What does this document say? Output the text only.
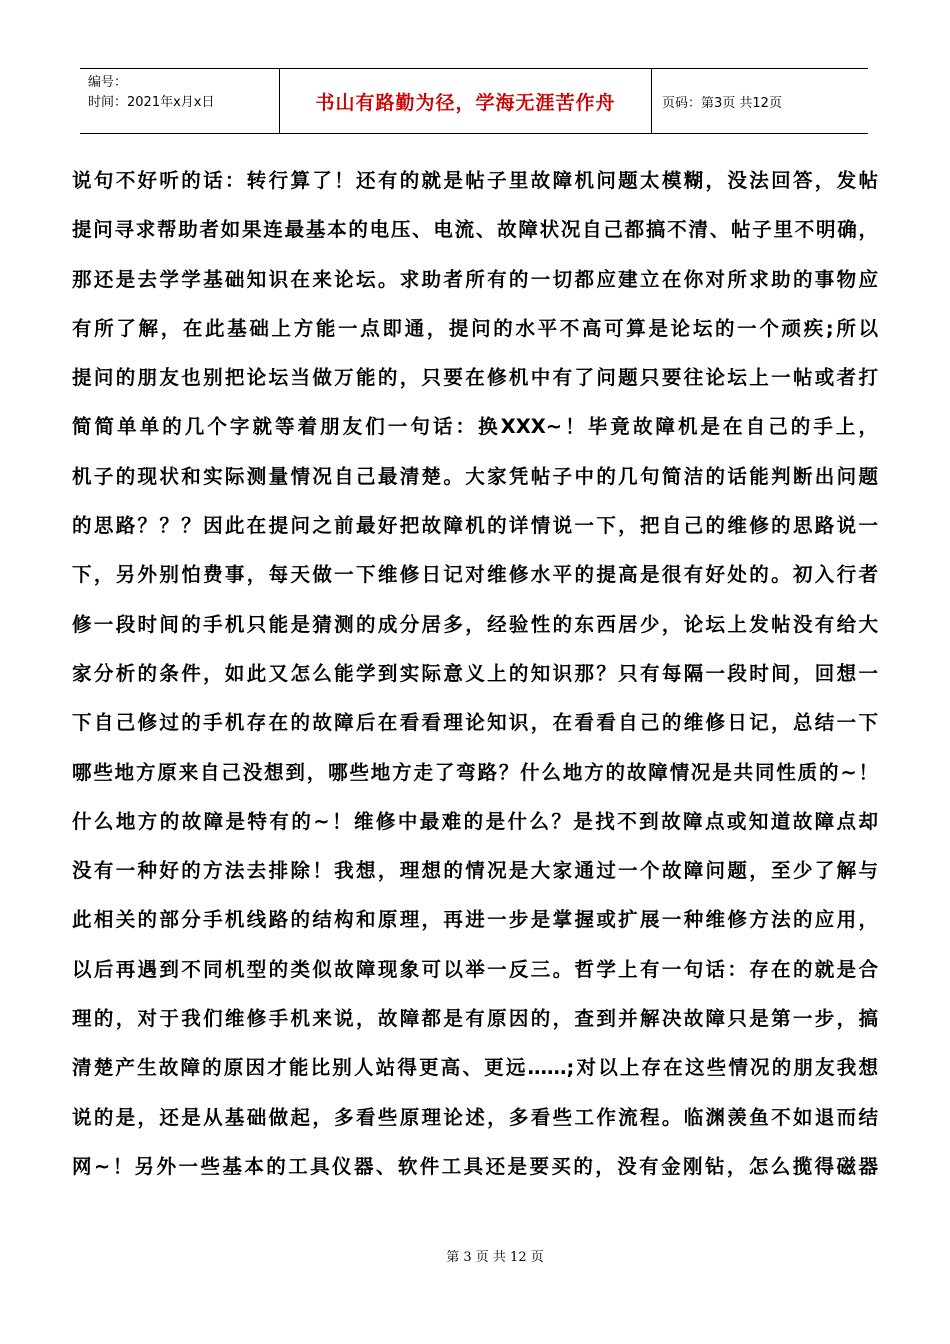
编号：
时间：2021年x月x日	书山有路勤为径，学海无涯苦作舟	页码：第3页 共12页
说句不好听的话：转行算了！还有的就是帖子里故障机问题太模糊，没法回答，发帖
提问寻求帮助者如果连最基本的电压、电流、故障状况自己都搞不清、帖子里不明确，
那还是去学学基础知识在来论坛。求助者所有的一切都应建立在你对所求助的事物应
有所了解，在此基础上方能一点即通，提问的水平不高可算是论坛的一个顽疾;所以
提问的朋友也别把论坛当做万能的，只要在修机中有了问题只要往论坛上一帖或者打
简简单单的几个字就等着朋友们一句话：换XXX~！毕竟故障机是在自己的手上，
机子的现状和实际测量情况自己最清楚。大家凭帖子中的几句简洁的话能判断出问题
的思路？？？因此在提问之前最好把故障机的详情说一下，把自己的维修的思路说一
下，另外别怕费事，每天做一下维修日记对维修水平的提高是很有好处的。初入行者
修一段时间的手机只能是猜测的成分居多，经验性的东西居少，论坛上发帖没有给大
家分析的条件，如此又怎么能学到实际意义上的知识那？只有每隔一段时间，回想一
下自己修过的手机存在的故障后在看看理论知识，在看看自己的维修日记，总结一下
哪些地方原来自己没想到，哪些地方走了弯路？什么地方的故障情况是共同性质的~！
什么地方的故障是特有的~！维修中最难的是什么？是找不到故障点或知道故障点却
没有一种好的方法去排除！我想，理想的情况是大家通过一个故障问题，至少了解与
此相关的部分手机线路的结构和原理，再进一步是掌握或扩展一种维修方法的应用，
以后再遇到不同机型的类似故障现象可以举一反三。哲学上有一句话：存在的就是合
理的，对于我们维修手机来说，故障都是有原因的，查到并解决故障只是第一步，搞
清楚产生故障的原因才能比别人站得更高、更远……;对以上存在这些情况的朋友我想
说的是，还是从基础做起，多看些原理论述，多看些工作流程。临渊羡鱼不如退而结
网~！另外一些基本的工具仪器、软件工具还是要买的，没有金刚钻，怎么揽得磁器
第 3 页 共 12 页
